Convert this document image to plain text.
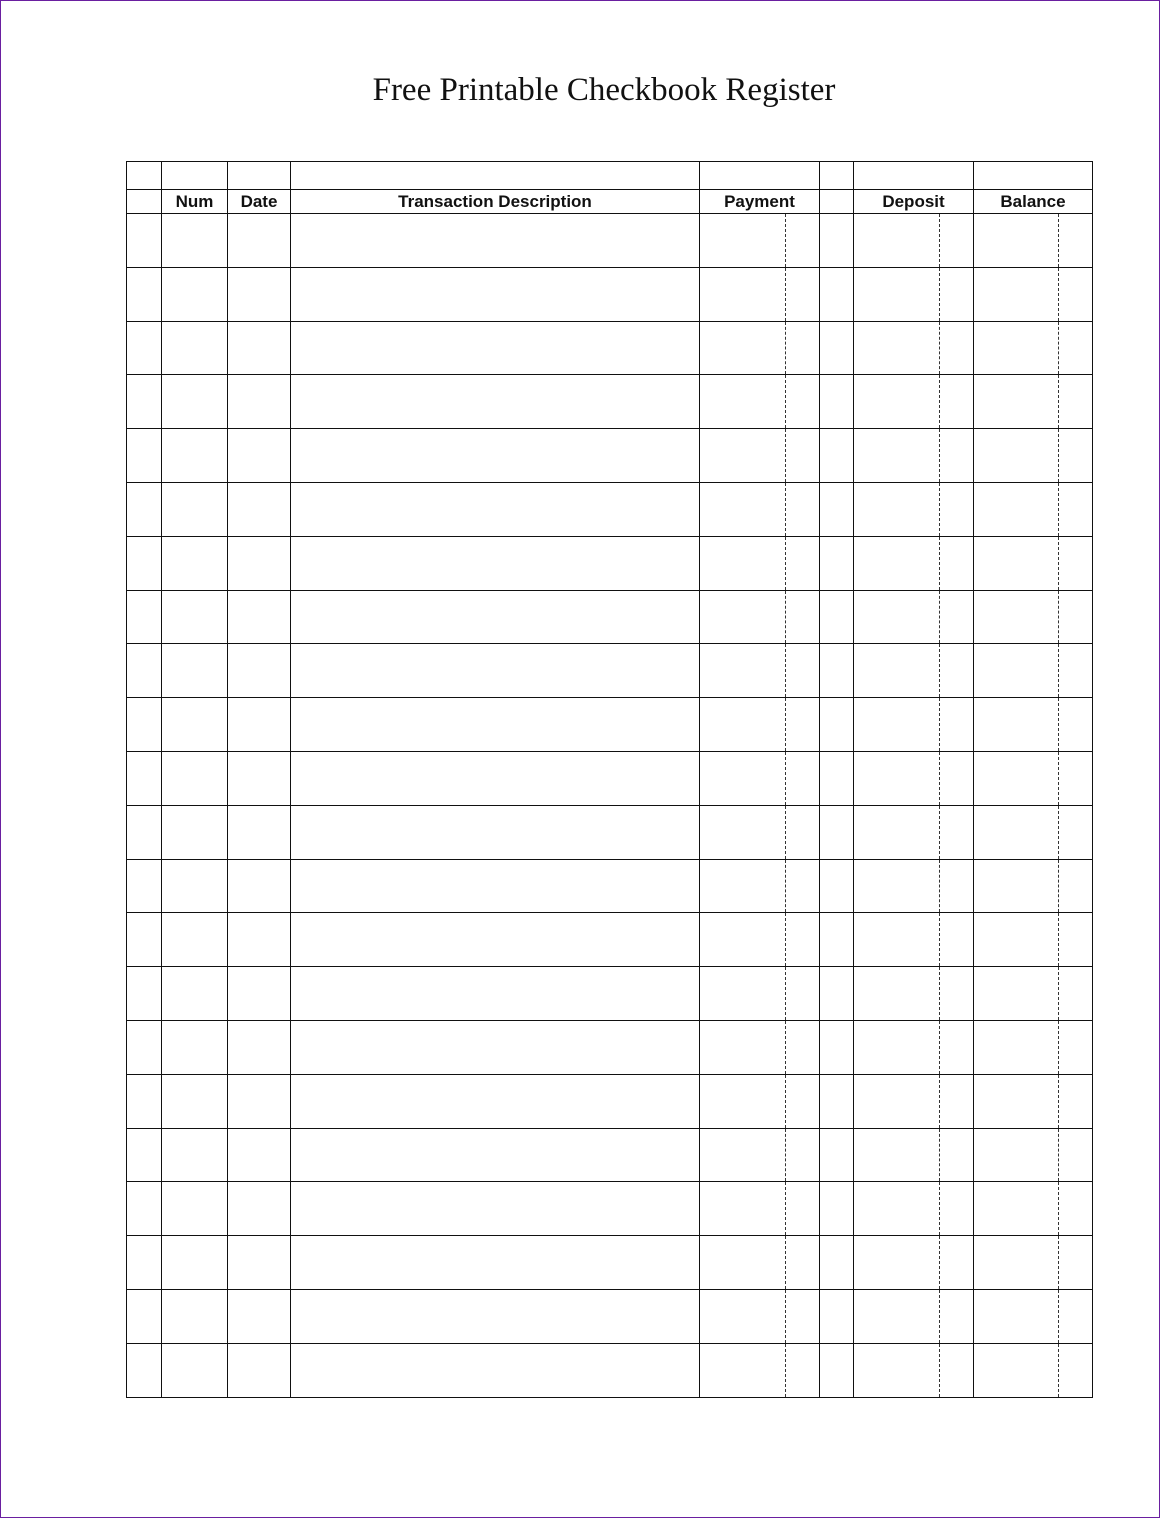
Free Printable Checkbook Register

	Num	Date	Transaction Description	Payment		Deposit	Balance
